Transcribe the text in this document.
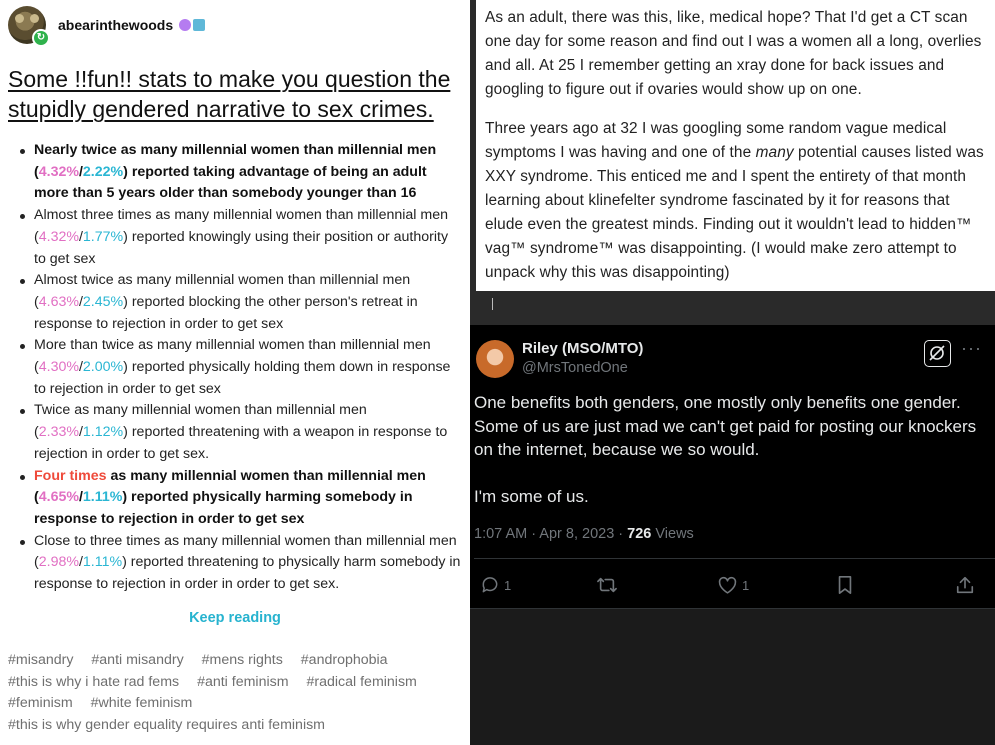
↻
abearinthewoods
Some !!fun!! stats to make you question the stupidly gendered narrative to sex crimes.
Nearly twice as many millennial women than millennial men (4.32%/2.22%) reported taking advantage of being an adult more than 5 years older than somebody younger than 16
Almost three times as many millennial women than millennial men (4.32%/1.77%) reported knowingly using their position or authority to get sex
Almost twice as many millennial women than millennial men (4.63%/2.45%) reported blocking the other person's retreat in response to rejection in order to get sex
More than twice as many millennial women than millennial men (4.30%/2.00%) reported physically holding them down in response to rejection in order to get sex
Twice as many millennial women than millennial men (2.33%/1.12%) reported threatening with a weapon in response to rejection in order to get sex.
Four times as many millennial women than millennial men (4.65%/1.11%) reported physically harming somebody in response to rejection in order to get sex
Close to three times as many millennial women than millennial men (2.98%/1.11%) reported threatening to physically harm somebody in response to rejection in order in order to get sex.
Keep reading
#misandry #anti misandry #mens rights #androphobia #this is why i hate rad fems #anti feminism #radical feminism #feminism #white feminism #this is why gender equality requires anti feminism

As an adult, there was this, like, medical hope? That I'd get a CT scan one day for some reason and find out I was a women all a long, overlies and all. At 25 I remember getting an xray done for back issues and googling to figure out if ovaries would show up on one.

Three years ago at 32 I was googling some random vague medical symptoms I was having and one of the many potential causes listed was XXY syndrome. This enticed me and I spent the entirety of that month learning about klinefelter syndrome fascinated by it for reasons that elude even the greatest minds. Finding out it wouldn't lead to hidden™ vag™ syndrome™ was disappointing. (I would make zero attempt to unpack why this was disappointing)

Riley (MSO/MTO)
@MrsTonedOne
···

One benefits both genders, one mostly only benefits one gender. Some of us are just mad we can't get paid for posting our knockers on the internet, because we so would.

I'm some of us.

1:07 AM · Apr 8, 2023 · 726 Views
1	1
